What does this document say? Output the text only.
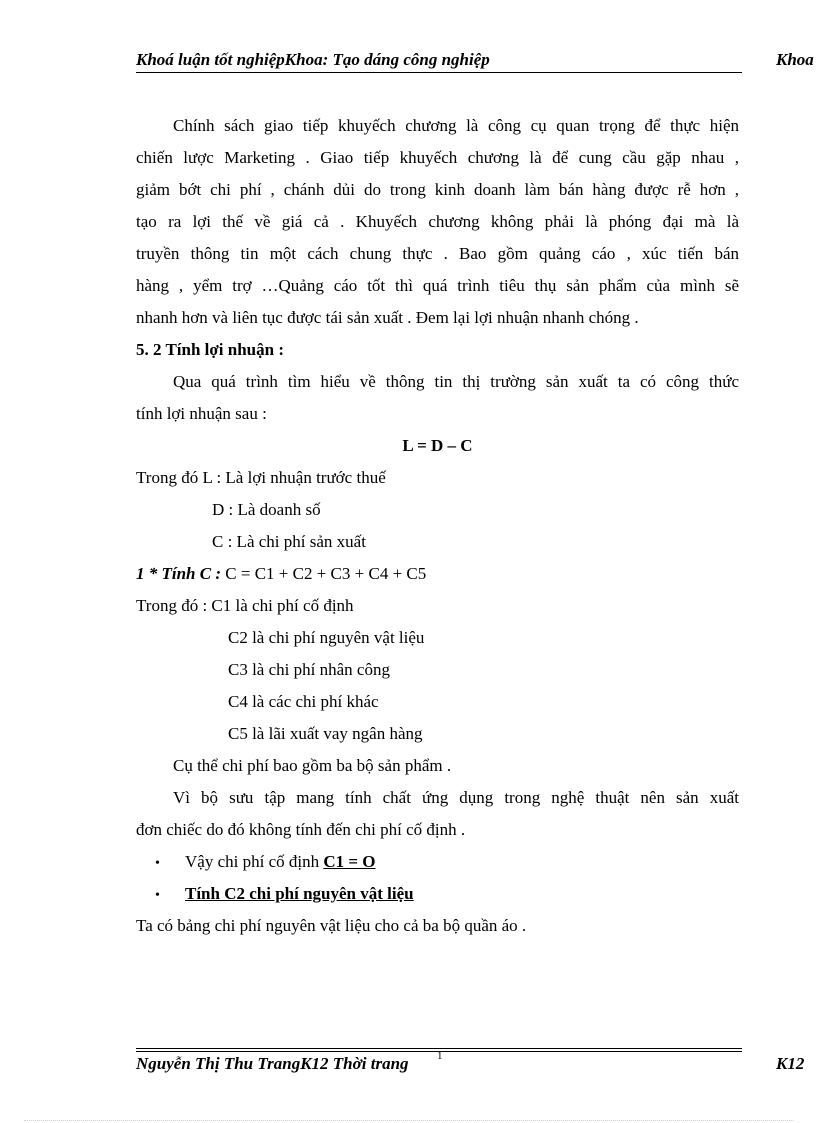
Khoá luận tốt nghiệpKhoa: Tạo dáng công nghiệp	Khoa
Chính sách giao tiếp khuyếch chương là công cụ quan trọng để thực hiện
chiến lược Marketing . Giao tiếp khuyếch chương là để cung cầu gặp nhau ,
giảm bớt chi phí , chánh dủi do trong kinh doanh làm bán hàng được rễ hơn ,
tạo ra lợi thế về giá cả . Khuyếch chương không phải là phóng đại mà là
truyền thông tin một cách chung thực . Bao gồm quảng cáo , xúc tiến bán
hàng , yểm trợ …Quảng cáo tốt thì quá trình tiêu thụ sản phẩm của mình sẽ
nhanh hơn và liên tục được tái sản xuất . Đem lại lợi nhuận nhanh chóng .
5. 2 Tính lợi nhuận :
Qua quá trình tìm hiểu về thông tin thị trường sản xuất ta có công thức
tính lợi nhuận sau :
L = D – C
Trong đó L : Là lợi nhuận trước thuế
D : Là doanh số
C : Là chi phí sản xuất
1 * Tính C : C = C1 + C2 + C3 + C4 + C5
Trong đó : C1 là chi phí cố định
C2 là chi phí nguyên vật liệu
C3 là chi phí nhân công
C4 là các chi phí khác
C5 là lãi xuất vay ngân hàng
Cụ thể chi phí bao gồm ba bộ sản phẩm .
Vì bộ sưu tập mang tính chất ứng dụng trong nghệ thuật nên sản xuất
đơn chiếc do đó không tính đến chi phí cố định .
• Vậy chi phí cố định C1 = O
• Tính C2 chi phí nguyên vật liệu
Ta có bảng chi phí nguyên vật liệu cho cả ba bộ quần áo .
Nguyễn Thị Thu TrangK12 Thời trang	1	K12
